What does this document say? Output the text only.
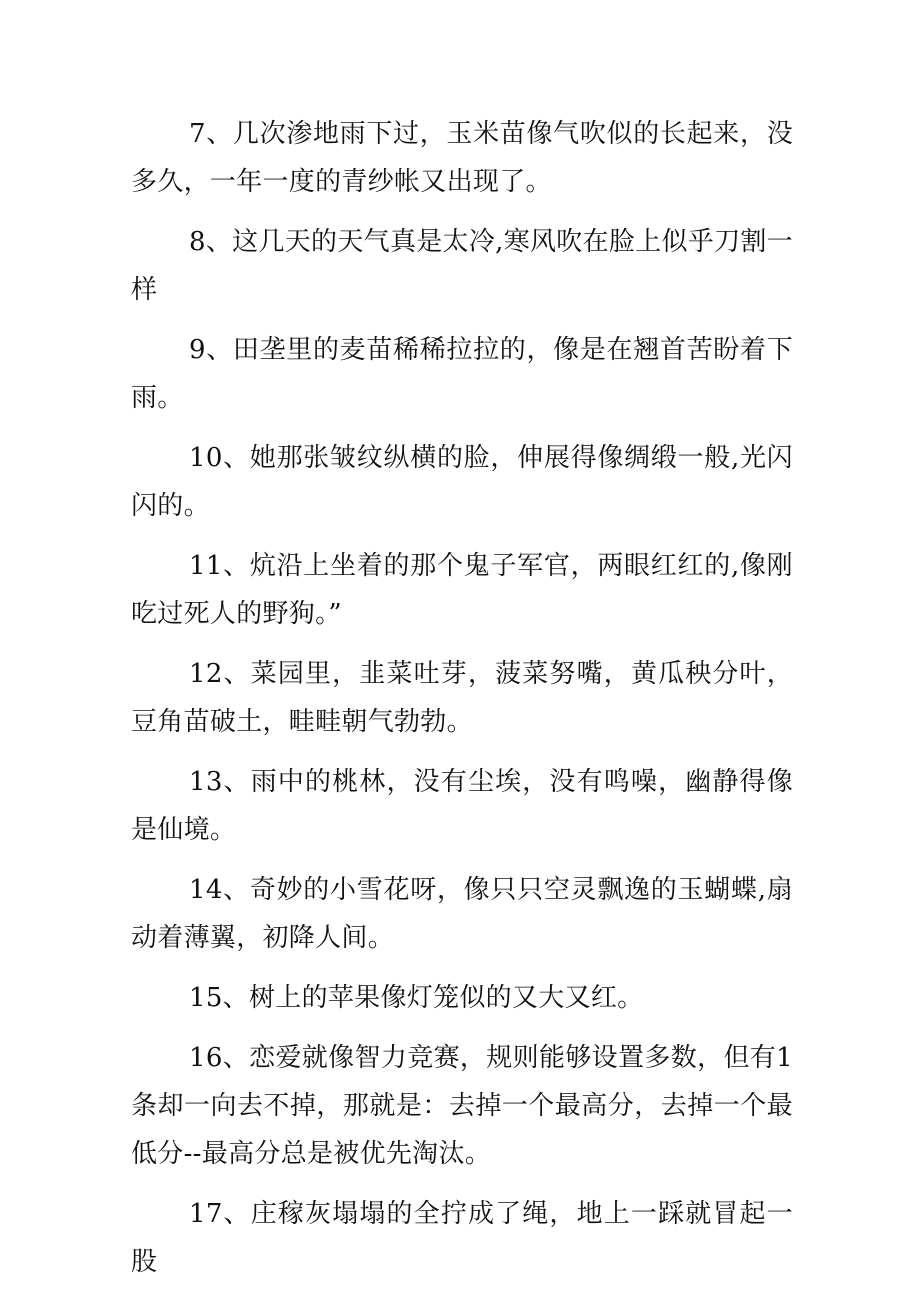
7、几次渗地雨下过，玉米苗像气吹似的长起来，没多久，一年一度的青纱帐又出现了。

8、这几天的天气真是太冷,寒风吹在脸上似乎刀割一样

9、田垄里的麦苗稀稀拉拉的，像是在翘首苦盼着下雨。

10、她那张皱纹纵横的脸，伸展得像绸缎一般,光闪闪的。

11、炕沿上坐着的那个鬼子军官，两眼红红的,像刚吃过死人的野狗。”

12、菜园里，韭菜吐芽，菠菜努嘴，黄瓜秧分叶，豆角苗破土，畦畦朝气勃勃。

13、雨中的桃林，没有尘埃，没有鸣噪，幽静得像是仙境。

14、奇妙的小雪花呀，像只只空灵飘逸的玉蝴蝶,扇动着薄翼，初降人间。

15、树上的苹果像灯笼似的又大又红。

16、恋爱就像智力竞赛，规则能够设置多数，但有1条却一向去不掉，那就是：去掉一个最高分，去掉一个最低分--最高分总是被优先淘汰。

17、庄稼灰塌塌的全拧成了绳，地上一踩就冒起一股
